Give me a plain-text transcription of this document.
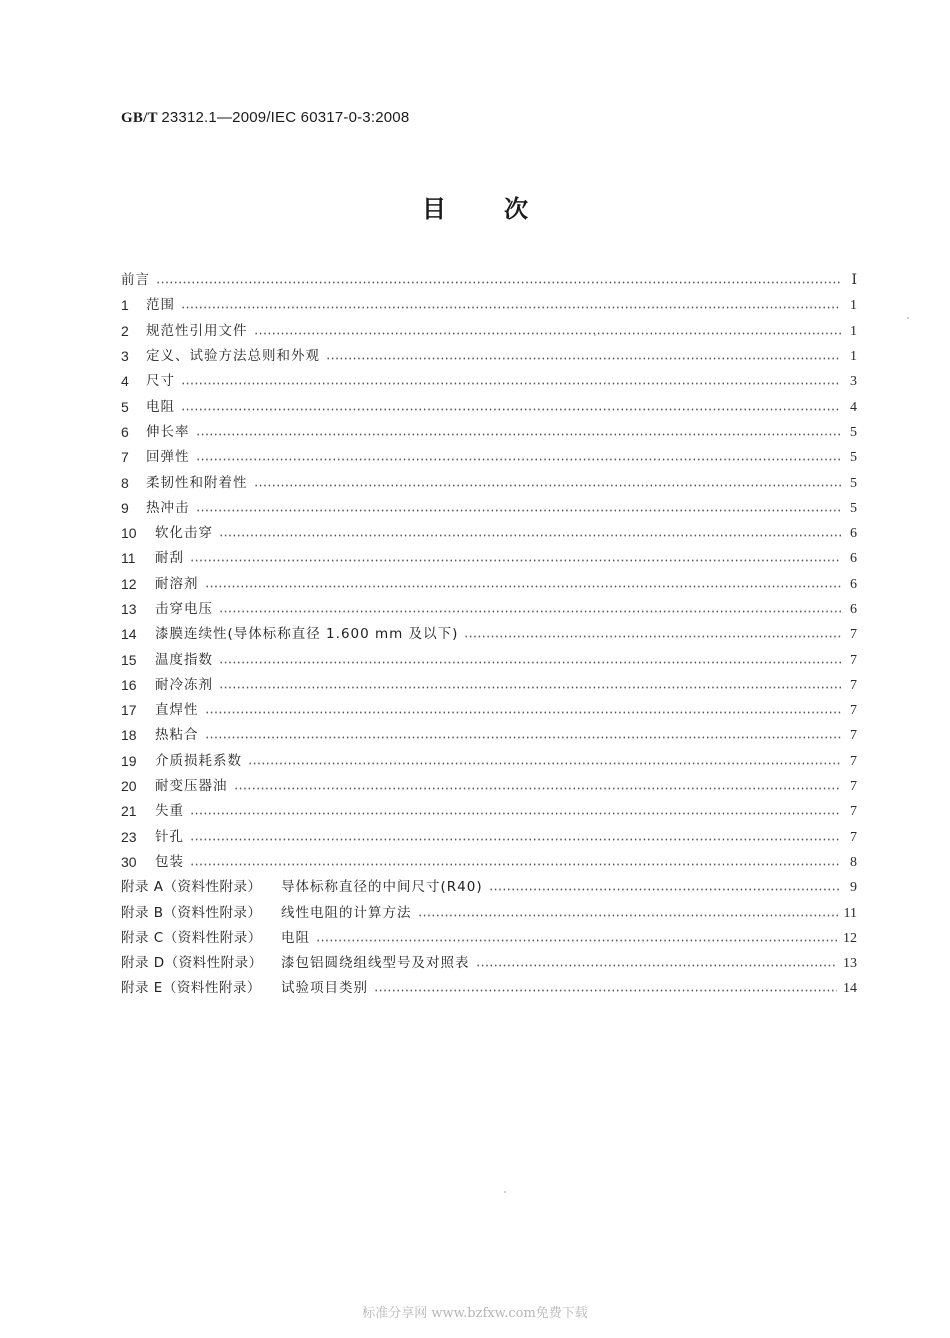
GB/T 23312.1—2009/IEC 60317-0-3:2008
目 次
前言	Ⅰ
1	范围	1
2	规范性引用文件	1
3	定义、试验方法总则和外观	1
4	尺寸	3
5	电阻	4
6	伸长率	5
7	回弹性	5
8	柔韧性和附着性	5
9	热冲击	5
10	软化击穿	6
11	耐刮	6
12	耐溶剂	6
13	击穿电压	6
14	漆膜连续性(导体标称直径 1.600 mm 及以下)	7
15	温度指数	7
16	耐冷冻剂	7
17	直焊性	7
18	热粘合	7
19	介质损耗系数	7
20	耐变压器油	7
21	失重	7
23	针孔	7
30	包装	8
附录 A（资料性附录）	导体标称直径的中间尺寸(R40)	9
附录 B（资料性附录）	线性电阻的计算方法	11
附录 C（资料性附录）	电阻	12
附录 D（资料性附录）	漆包铝圆绕组线型号及对照表	13
附录 E（资料性附录）	试验项目类别	14
标准分享网 www.bzfxw.com免费下载
